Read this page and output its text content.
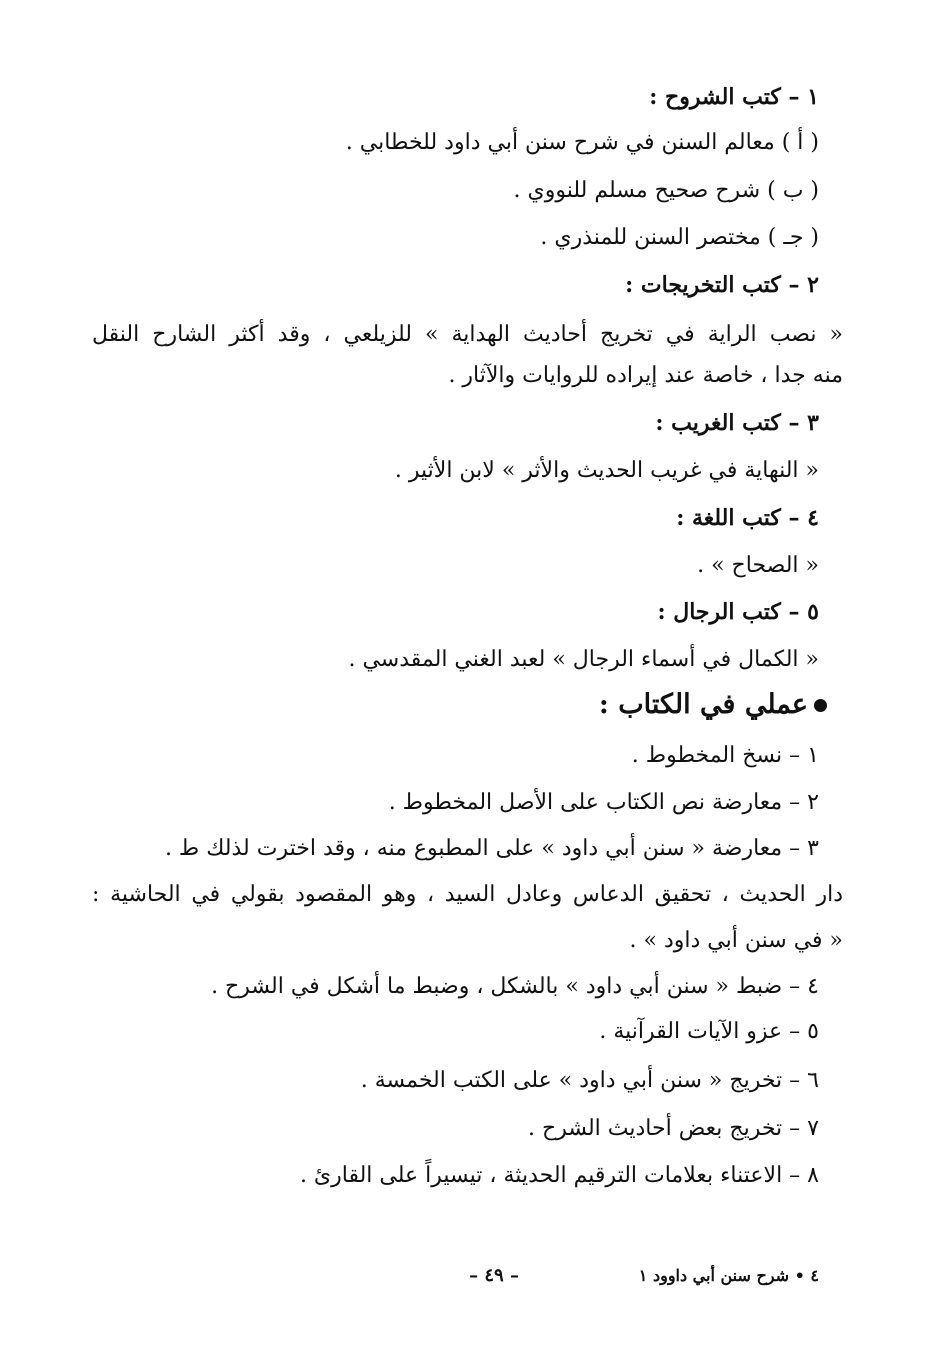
١ – كتب الشروح :
( أ ) معالم السنن في شرح سنن أبي داود للخطابي .
( ب ) شرح صحيح مسلم للنووي .
( جـ ) مختصر السنن للمنذري .
٢ – كتب التخريجات :
« نصب الراية في تخريج أحاديث الهداية » للزيلعي ، وقد أكثر الشارح النقل
منه جدا ، خاصة عند إيراده للروايات والآثار .
٣ – كتب الغريب :
« النهاية في غريب الحديث والأثر » لابن الأثير .
٤ – كتب اللغة :
« الصحاح » .
٥ – كتب الرجال :
« الكمال في أسماء الرجال » لعبد الغني المقدسي .
عملي في الكتاب :
١ – نسخ المخطوط .
٢ – معارضة نص الكتاب على الأصل المخطوط .
٣ – معارضة « سنن أبي داود » على المطبوع منه ، وقد اخترت لذلك ط .
دار الحديث ، تحقيق الدعاس وعادل السيد ، وهو المقصود بقولي في الحاشية :
« في سنن أبي داود » .
٤ – ضبط « سنن أبي داود » بالشكل ، وضبط ما أشكل في الشرح .
٥ – عزو الآيات القرآنية .
٦ – تخريج « سنن أبي داود » على الكتب الخمسة .
٧ – تخريج بعض أحاديث الشرح .
٨ – الاعتناء بعلامات الترقيم الحديثة ، تيسيراً على القارئ .
٤ • شرح سنن أبي داوود ١
– ٤٩ –
